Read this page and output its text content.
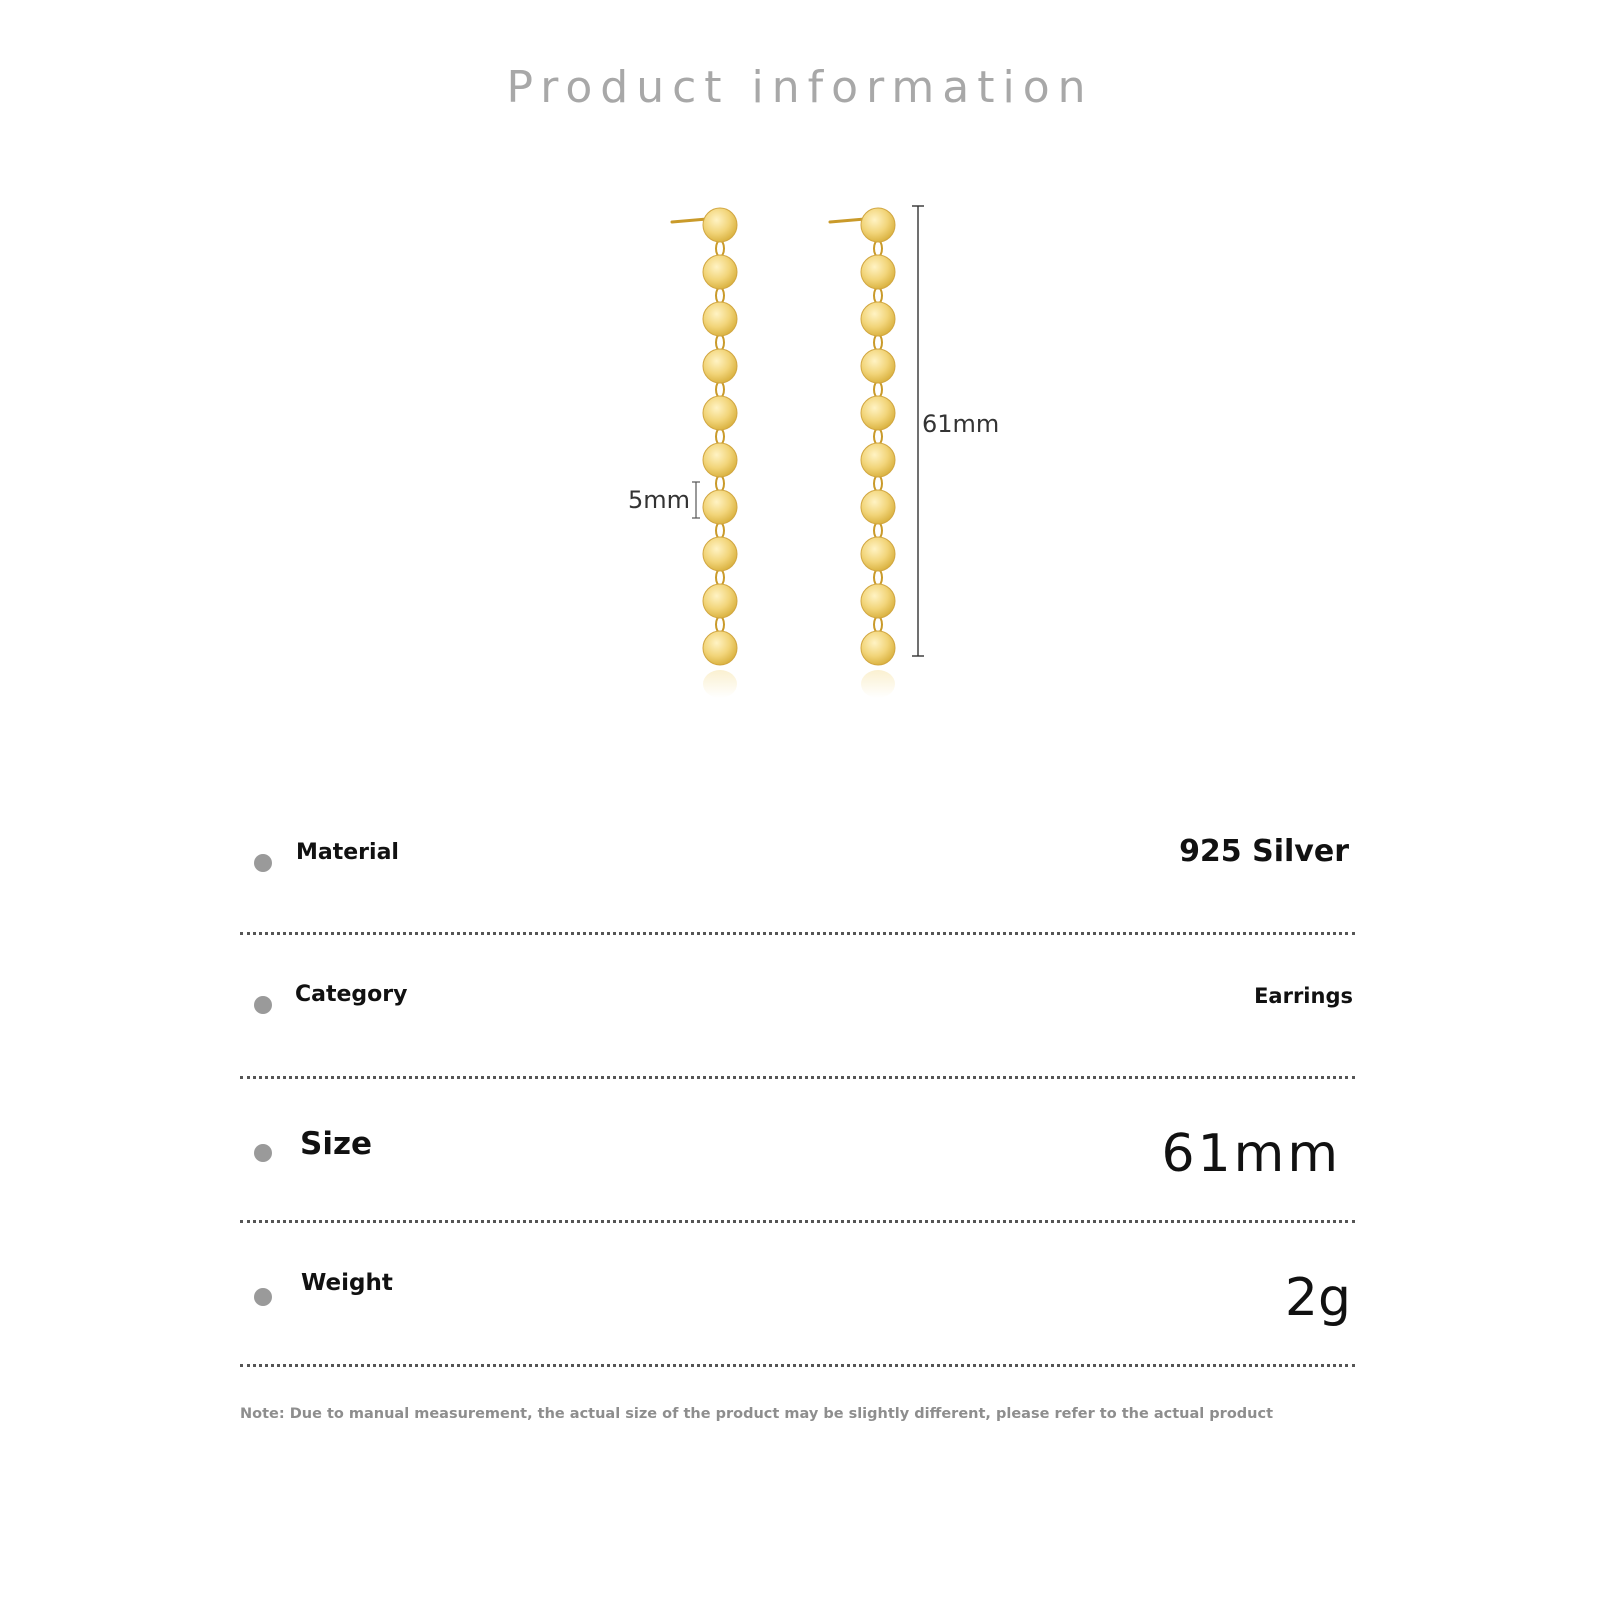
Product information
5mm
61mm
Material	925 Silver
Category	Earrings
Size	61mm
Weight	2g
Note: Due to manual measurement, the actual size of the product may be slightly different, please refer to the actual product
